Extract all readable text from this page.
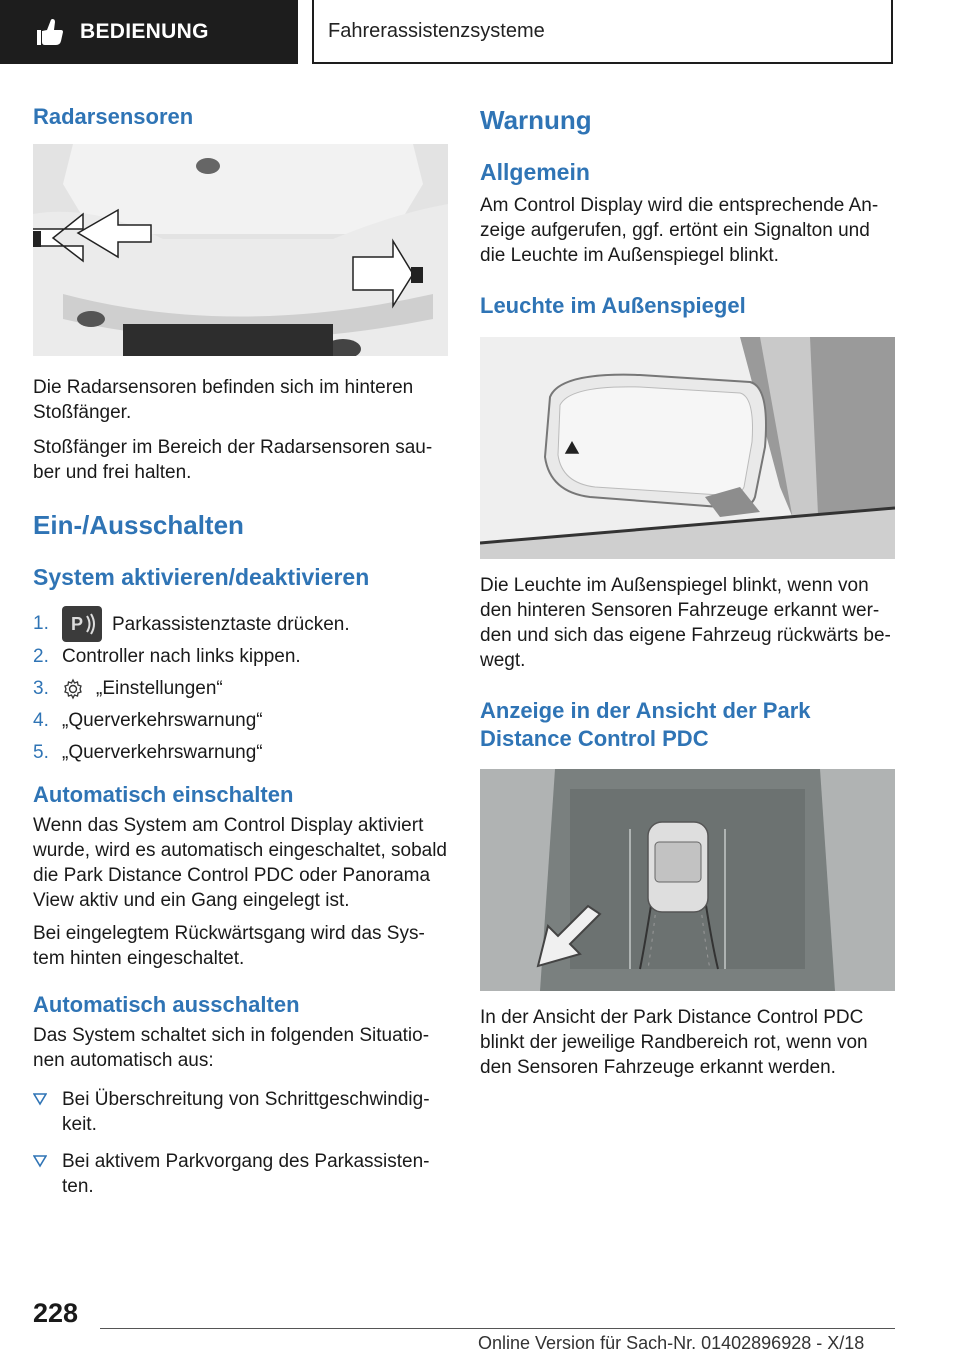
BEDIENUNG	Fahrerassistenzsysteme
Radarsensoren

Die Radarsensoren befinden sich im hinteren Stoßfänger.

Stoßfänger im Bereich der Radarsensoren sauber und frei halten.

Ein-/Ausschalten
System aktivieren/deaktivieren
1. P Parkassistenztaste drücken.
2. Controller nach links kippen.
3. „Einstellungen“
4. „Querverkehrswarnung“
5. „Querverkehrswarnung“
Automatisch einschalten

Wenn das System am Control Display aktiviert wurde, wird es automatisch eingeschaltet, sobald die Park Distance Control PDC oder Panorama View aktiv und ein Gang eingelegt ist.

Bei eingelegtem Rückwärtsgang wird das System hinten eingeschaltet.

Automatisch ausschalten

Das System schaltet sich in folgenden Situationen automatisch aus:

Bei Überschreitung von Schrittgeschwindigkeit.
Bei aktivem Parkvorgang des Parkassistenten.
Warnung
Allgemein

Am Control Display wird die entsprechende Anzeige aufgerufen, ggf. ertönt ein Signalton und die Leuchte im Außenspiegel blinkt.

Leuchte im Außenspiegel

Die Leuchte im Außenspiegel blinkt, wenn von den hinteren Sensoren Fahrzeuge erkannt werden und sich das eigene Fahrzeug rückwärts bewegt.

Anzeige in der Ansicht der Park Distance Control PDC

In der Ansicht der Park Distance Control PDC blinkt der jeweilige Randbereich rot, wenn von den Sensoren Fahrzeuge erkannt werden.

228
Online Version für Sach-Nr. 01402896928 - X/18
